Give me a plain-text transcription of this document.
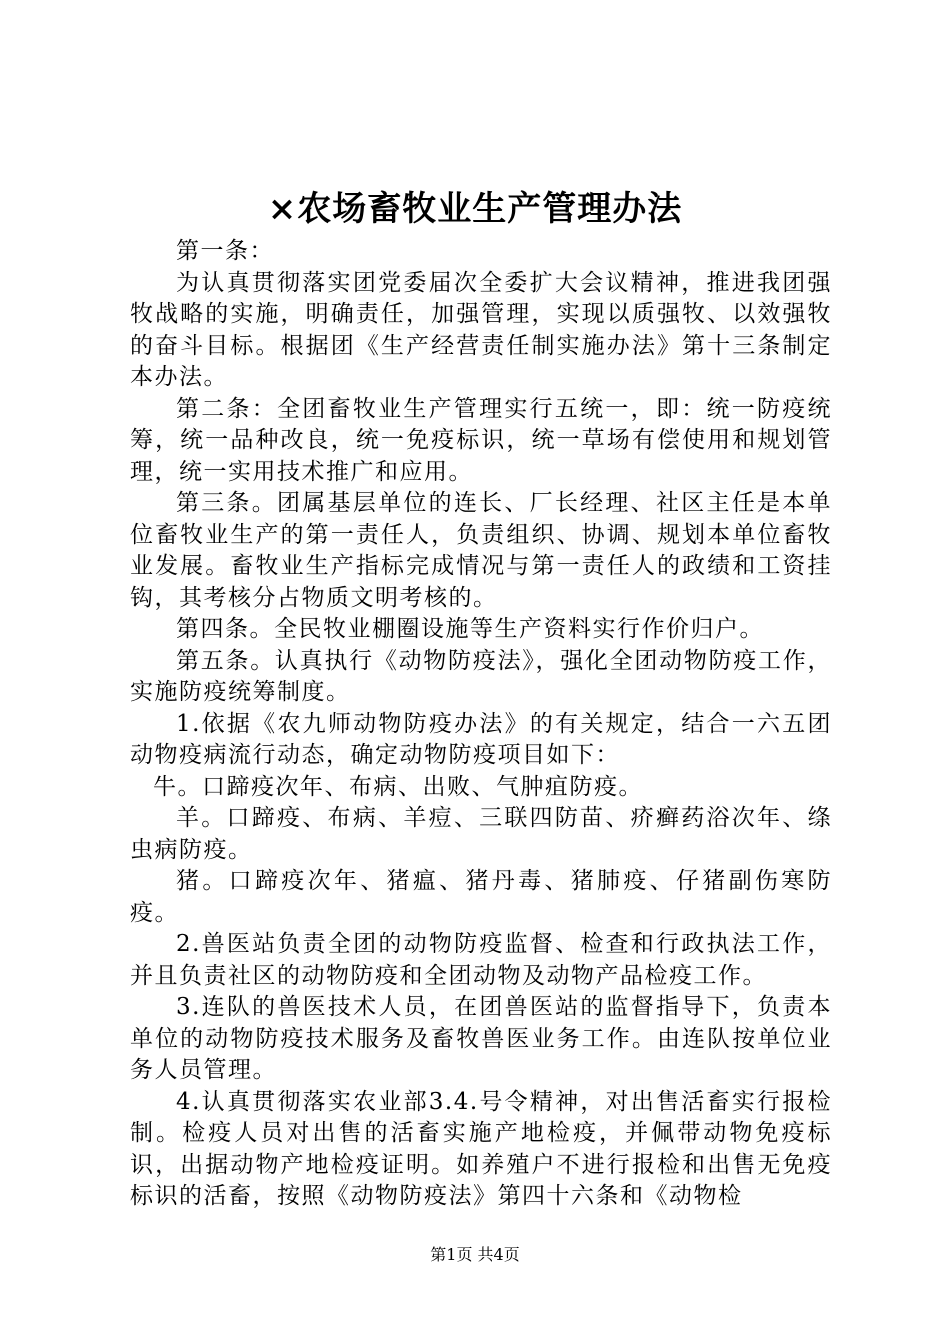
×农场畜牧业生产管理办法

第一条：

为认真贯彻落实团党委届次全委扩大会议精神，推进我团强牧战略的实施，明确责任，加强管理，实现以质强牧、以效强牧的奋斗目标。根据团《生产经营责任制实施办法》第十三条制定本办法。

第二条：全团畜牧业生产管理实行五统一，即：统一防疫统筹，统一品种改良，统一免疫标识，统一草场有偿使用和规划管理，统一实用技术推广和应用。

第三条。团属基层单位的连长、厂长经理、社区主任是本单位畜牧业生产的第一责任人，负责组织、协调、规划本单位畜牧业发展。畜牧业生产指标完成情况与第一责任人的政绩和工资挂钩，其考核分占物质文明考核的。

第四条。全民牧业棚圈设施等生产资料实行作价归户。

第五条。认真执行《动物防疫法》，强化全团动物防疫工作，实施防疫统筹制度。

1.依据《农九师动物防疫办法》的有关规定，结合一六五团动物疫病流行动态，确定动物防疫项目如下：

牛。口蹄疫次年、布病、出败、气肿疽防疫。

羊。口蹄疫、布病、羊痘、三联四防苗、疥癣药浴次年、绦虫病防疫。

猪。口蹄疫次年、猪瘟、猪丹毒、猪肺疫、仔猪副伤寒防疫。

2.兽医站负责全团的动物防疫监督、检查和行政执法工作，并且负责社区的动物防疫和全团动物及动物产品检疫工作。

3.连队的兽医技术人员，在团兽医站的监督指导下，负责本单位的动物防疫技术服务及畜牧兽医业务工作。由连队按单位业务人员管理。

4.认真贯彻落实农业部3.4.号令精神，对出售活畜实行报检制。检疫人员对出售的活畜实施产地检疫，并佩带动物免疫标识，出据动物产地检疫证明。如养殖户不进行报检和出售无免疫标识的活畜，按照《动物防疫法》第四十六条和《动物检

第1页 共4页
